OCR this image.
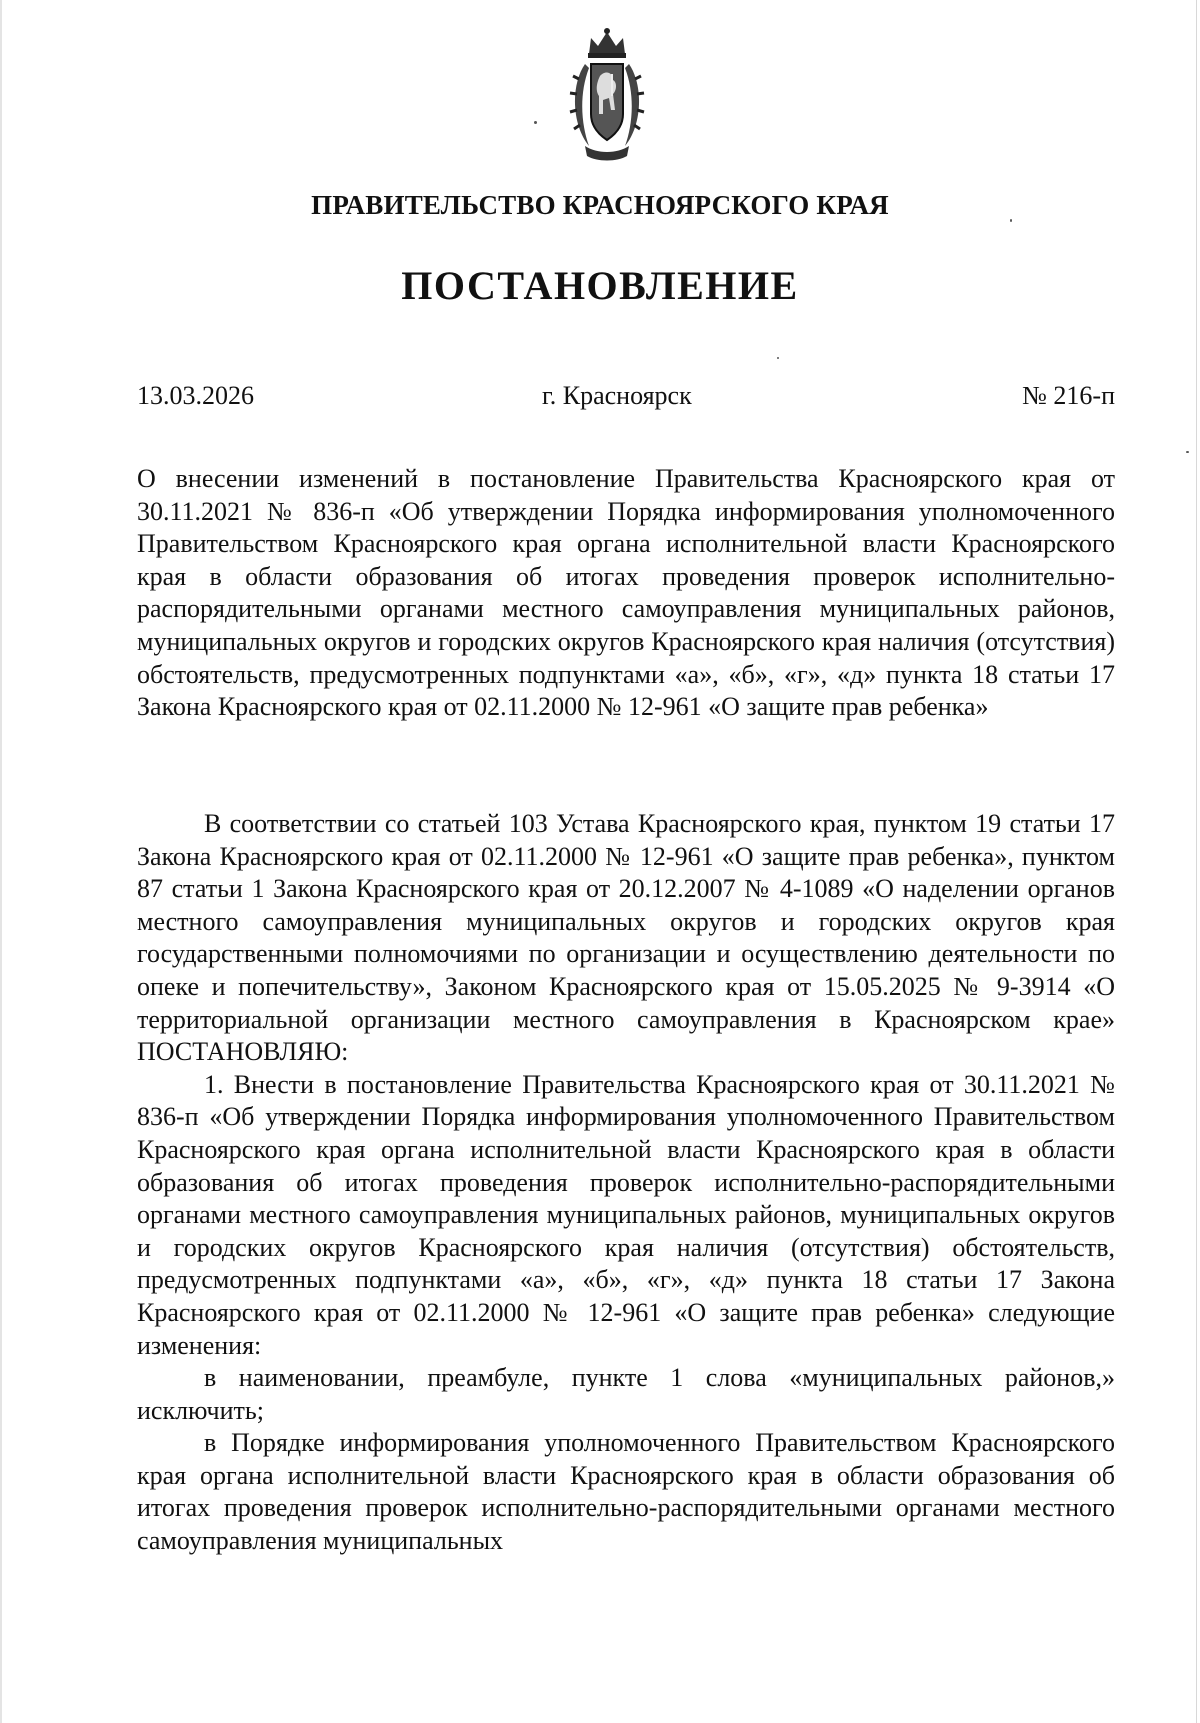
ПРАВИТЕЛЬСТВО КРАСНОЯРСКОГО КРАЯ
ПОСТАНОВЛЕНИЕ
13.03.2026	г. Красноярск	№ 216-п

О внесении изменений в постановление Правительства Красноярского края от 30.11.2021 № 836-п «Об утверждении Порядка информирования уполномоченного Правительством Красноярского края органа исполнительной власти Красноярского края в области образования об итогах проведения проверок исполнительно-распорядительными органами местного самоуправления муниципальных районов, муниципальных округов и городских округов Красноярского края наличия (отсутствия) обстоятельств, предусмотренных подпунктами «а», «б», «г», «д» пункта 18 статьи 17 Закона Красноярского края от 02.11.2000 № 12-961 «О защите прав ребенка»

В соответствии со статьей 103 Устава Красноярского края, пунктом 19 статьи 17 Закона Красноярского края от 02.11.2000 № 12-961 «О защите прав ребенка», пунктом 87 статьи 1 Закона Красноярского края от 20.12.2007 № 4-1089 «О наделении органов местного самоуправления муниципальных округов и городских округов края государственными полномочиями по организации и осуществлению деятельности по опеке и попечительству», Законом Красноярского края от 15.05.2025 № 9-3914 «О территориальной организации местного самоуправления в Красноярском крае» ПОСТАНОВЛЯЮ:

1. Внести в постановление Правительства Красноярского края от 30.11.2021 № 836-п «Об утверждении Порядка информирования уполномоченного Правительством Красноярского края органа исполнительной власти Красноярского края в области образования об итогах проведения проверок исполнительно-распорядительными органами местного самоуправления муниципальных районов, муниципальных округов и городских округов Красноярского края наличия (отсутствия) обстоятельств, предусмотренных подпунктами «а», «б», «г», «д» пункта 18 статьи 17 Закона Красноярского края от 02.11.2000 № 12-961 «О защите прав ребенка» следующие изменения:

в наименовании, преамбуле, пункте 1 слова «муниципальных районов,» исключить;

в Порядке информирования уполномоченного Правительством Красноярского края органа исполнительной власти Красноярского края в области образования об итогах проведения проверок исполнительно-распорядительными органами местного самоуправления муниципальных
